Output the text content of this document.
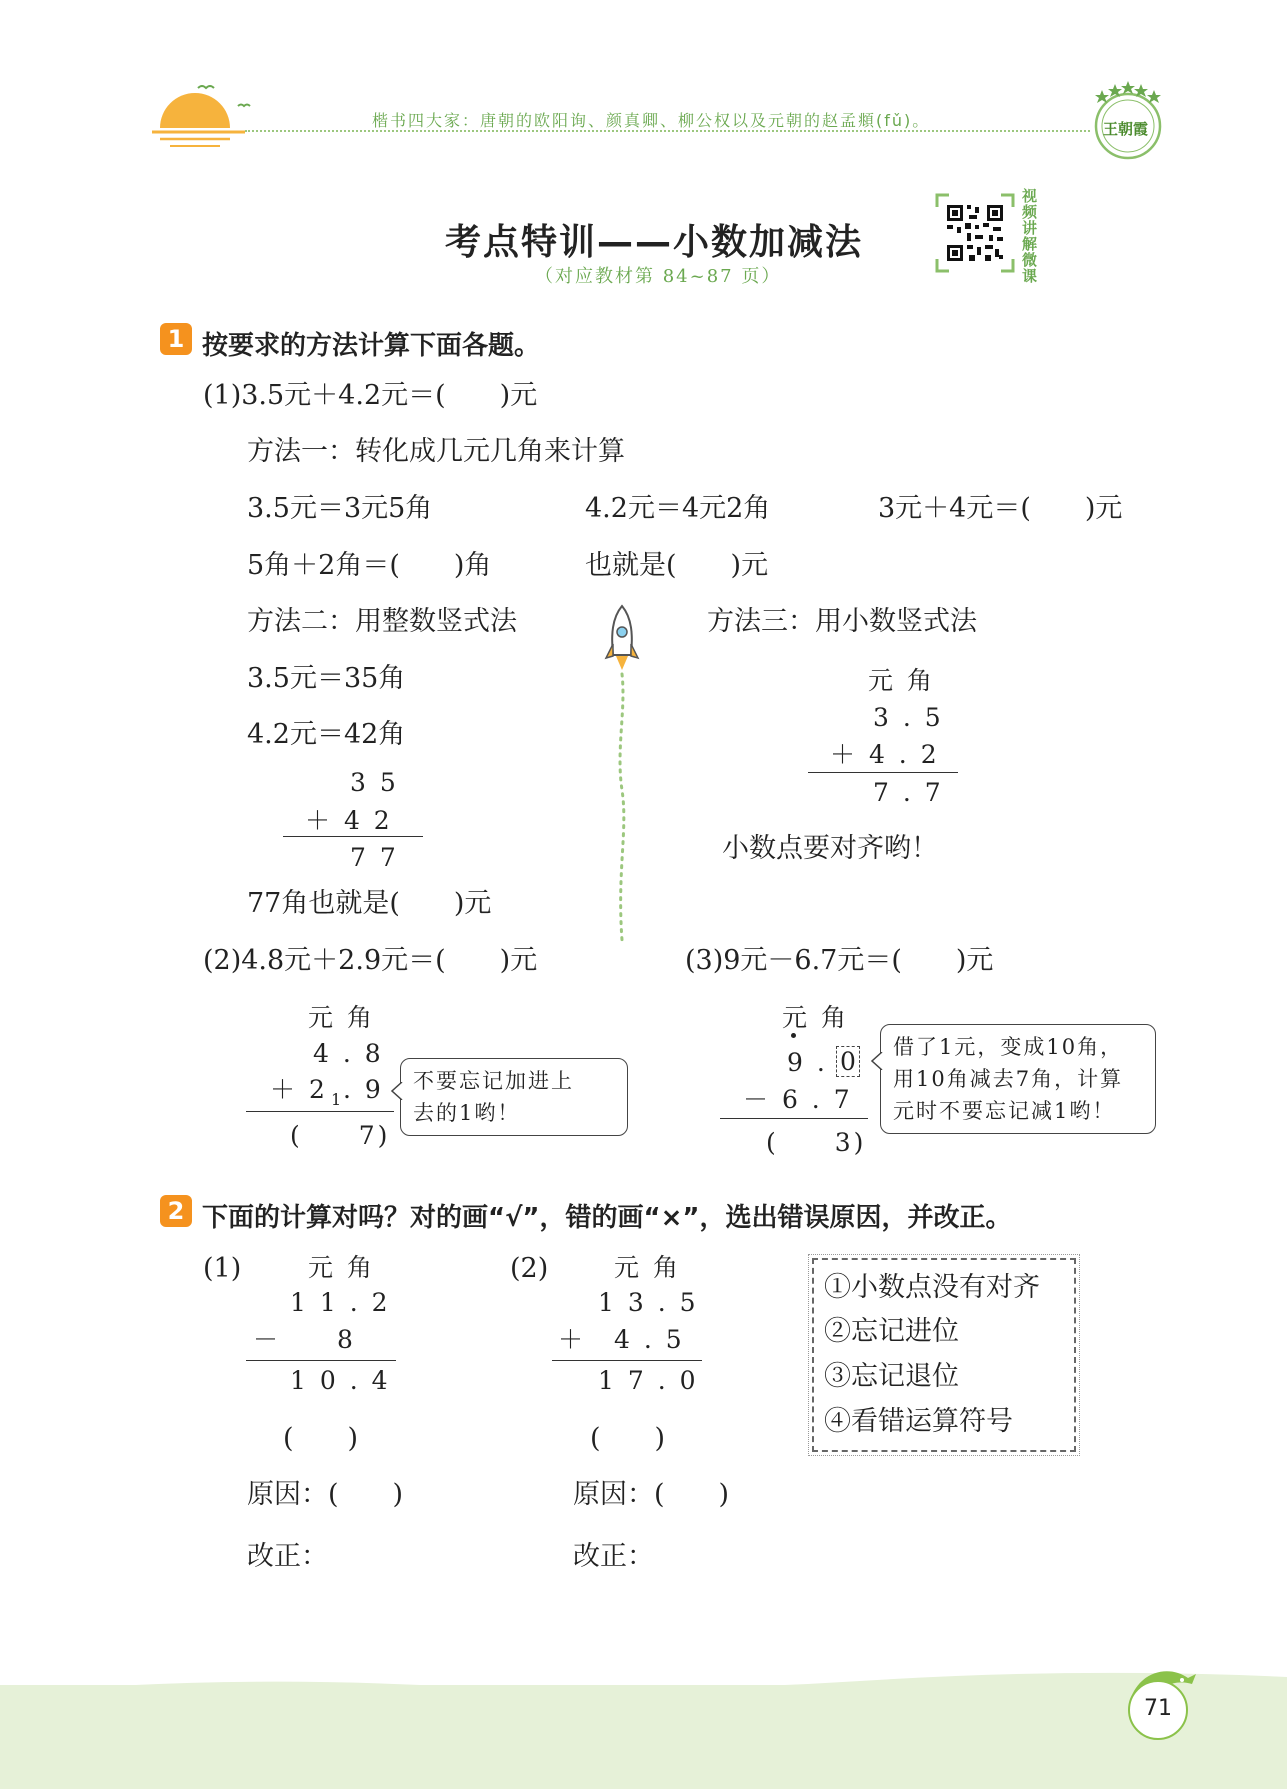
楷书四大家：唐朝的欧阳询、颜真卿、柳公权以及元朝的赵孟頫(fǔ)。	王朝霞
考点特训——小数加减法
（对应教材第 84~87 页）
视频讲解微课
1 按要求的方法计算下面各题。
(1)3.5元＋4.2元＝(　　)元
方法一：转化成几元几角来计算
3.5元＝3元5角	4.2元＝4元2角	3元＋4元＝(　　)元
5角＋2角＝(　　)角	也就是(　　)元
方法二：用整数竖式法
3.5元＝35角
4.2元＝42角
3 5
＋ 4 2
7 7
77角也就是(　　)元
方法三：用小数竖式法
元 角
3 . 5
＋ 4 . 2
7 . 7
小数点要对齐哟！
(2)4.8元＋2.9元＝(　　)元
元 角
4 . 8
＋ 2 1 . 9
(　　7)
不要忘记加进上
去的1哟！
(3)9元－6.7元＝(　　)元
元 角
9 . 0
－ 6 . 7
(　　3)
借了1元，变成10角，
用10角减去7角，计算
元时不要忘记减1哟！
2 下面的计算对吗？对的画“√”，错的画“×”，选出错误原因，并改正。
(1)	元 角
1 1 . 2
－　　8
1 0 . 4
(　　)
原因：(　　)
改正：
(2)	元 角
1 3 . 5
＋　4 . 5
1 7 . 0
(　　)
原因：(　　)
改正：
①小数点没有对齐
②忘记进位
③忘记退位
④看错运算符号
71
